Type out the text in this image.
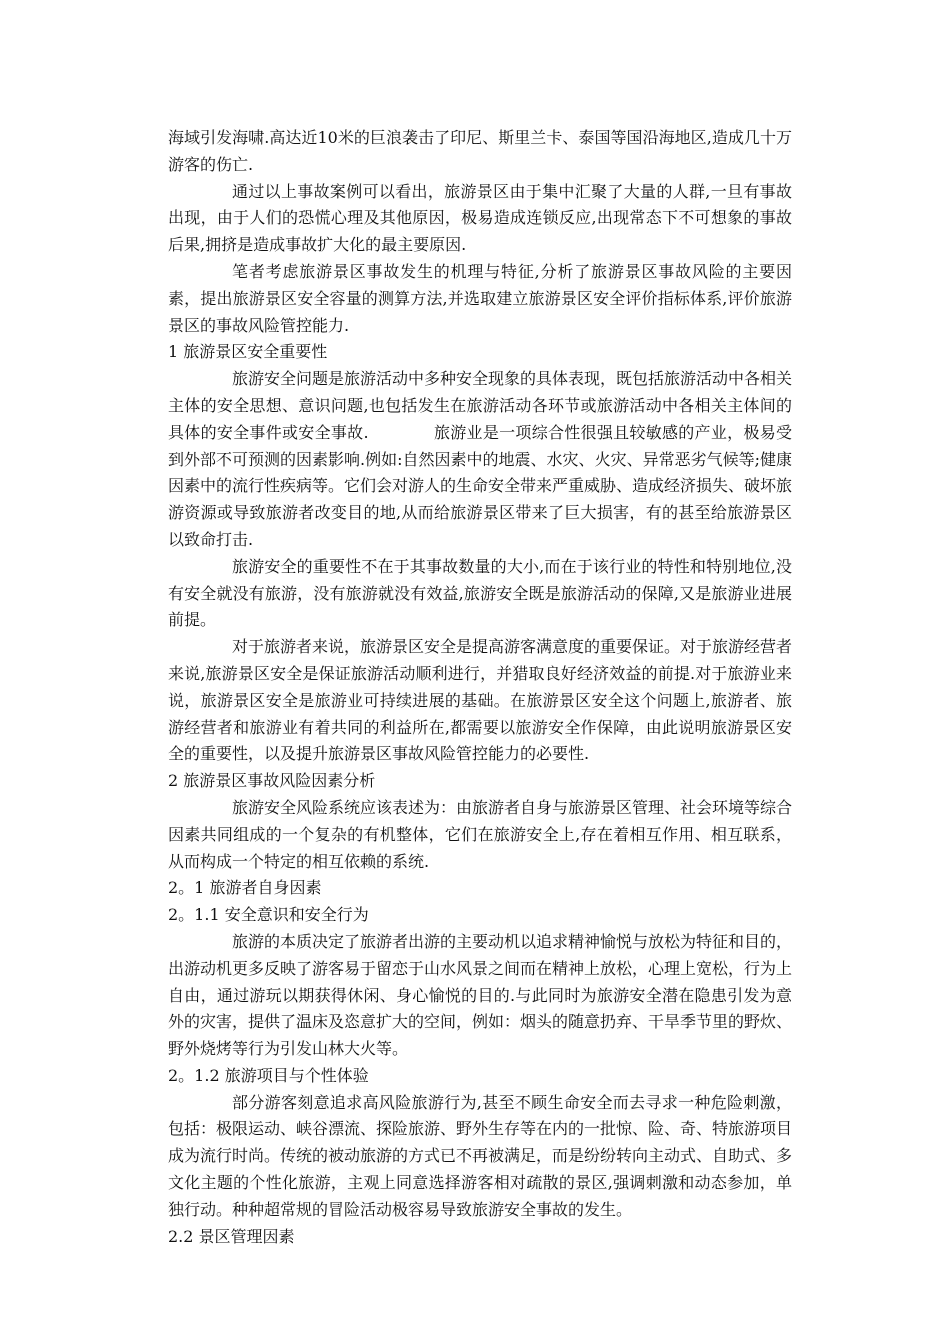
海域引发海啸.高达近10米的巨浪袭击了印尼、斯里兰卡、泰国等国沿海地区,造成几十万游客的伤亡.

通过以上事故案例可以看出，旅游景区由于集中汇聚了大量的人群,一旦有事故出现，由于人们的恐慌心理及其他原因，极易造成连锁反应,出现常态下不可想象的事故后果,拥挤是造成事故扩大化的最主要原因.

笔者考虑旅游景区事故发生的机理与特征,分析了旅游景区事故风险的主要因素，提出旅游景区安全容量的测算方法,并选取建立旅游景区安全评价指标体系,评价旅游景区的事故风险管控能力.

1 旅游景区安全重要性

旅游安全问题是旅游活动中多种安全现象的具体表现，既包括旅游活动中各相关主体的安全思想、意识问题,也包括发生在旅游活动各环节或旅游活动中各相关主体间的具体的安全事件或安全事故.　　　　旅游业是一项综合性很强且较敏感的产业，极易受到外部不可预测的因素影响.例如:自然因素中的地震、水灾、火灾、异常恶劣气候等;健康因素中的流行性疾病等。它们会对游人的生命安全带来严重威胁、造成经济损失、破坏旅游资源或导致旅游者改变目的地,从而给旅游景区带来了巨大损害，有的甚至给旅游景区以致命打击.

旅游安全的重要性不在于其事故数量的大小,而在于该行业的特性和特别地位,没有安全就没有旅游，没有旅游就没有效益,旅游安全既是旅游活动的保障,又是旅游业进展前提。

对于旅游者来说，旅游景区安全是提高游客满意度的重要保证。对于旅游经营者来说,旅游景区安全是保证旅游活动顺利进行，并猎取良好经济效益的前提.对于旅游业来说，旅游景区安全是旅游业可持续进展的基础。在旅游景区安全这个问题上,旅游者、旅游经营者和旅游业有着共同的利益所在,都需要以旅游安全作保障，由此说明旅游景区安全的重要性，以及提升旅游景区事故风险管控能力的必要性.

2 旅游景区事故风险因素分析

旅游安全风险系统应该表述为：由旅游者自身与旅游景区管理、社会环境等综合因素共同组成的一个复杂的有机整体，它们在旅游安全上,存在着相互作用、相互联系，从而构成一个特定的相互依赖的系统.

2。1 旅游者自身因素

2。1.1 安全意识和安全行为

旅游的本质决定了旅游者出游的主要动机以追求精神愉悦与放松为特征和目的，出游动机更多反映了游客易于留恋于山水风景之间而在精神上放松，心理上宽松，行为上自由，通过游玩以期获得休闲、身心愉悦的目的.与此同时为旅游安全潜在隐患引发为意外的灾害，提供了温床及恣意扩大的空间，例如：烟头的随意扔弃、干旱季节里的野炊、野外烧烤等行为引发山林大火等。

2。1.2 旅游项目与个性体验

部分游客刻意追求高风险旅游行为,甚至不顾生命安全而去寻求一种危险刺激，包括：极限运动、峡谷漂流、探险旅游、野外生存等在内的一批惊、险、奇、特旅游项目成为流行时尚。传统的被动旅游的方式已不再被满足，而是纷纷转向主动式、自助式、多文化主题的个性化旅游，主观上同意选择游客相对疏散的景区,强调刺激和动态参加，单独行动。种种超常规的冒险活动极容易导致旅游安全事故的发生。

2.2 景区管理因素
